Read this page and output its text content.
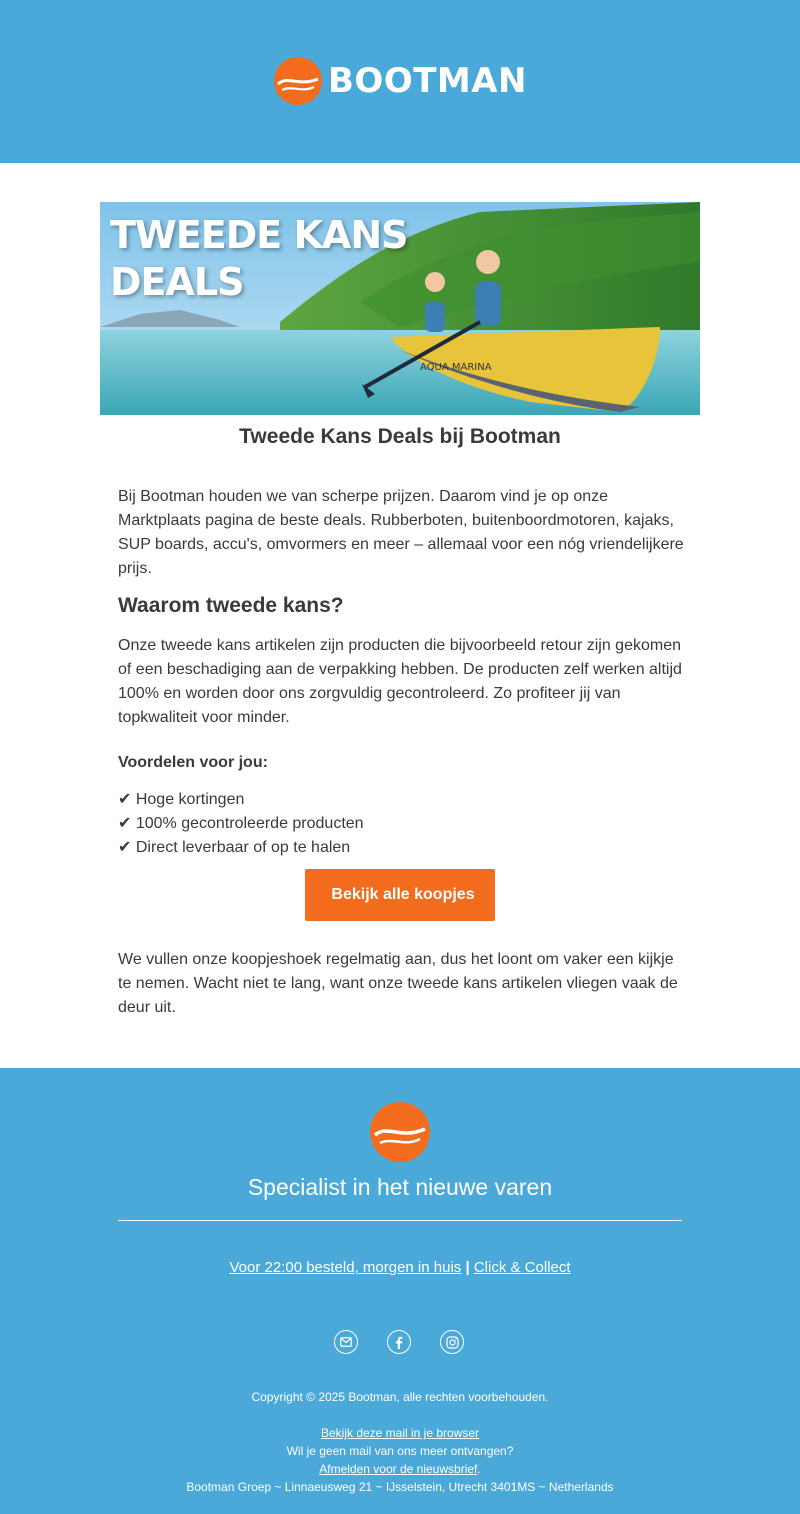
BOOTMAN
AQUA MARINA
TWEEDE KANS
DEALS
Tweede Kans Deals bij Bootman
Bij Bootman houden we van scherpe prijzen. Daarom vind je op onze Marktplaats pagina de beste deals. Rubberboten, buitenboordmotoren, kajaks, SUP boards, accu's, omvormers en meer – allemaal voor een nóg vriendelijkere prijs.
Waarom tweede kans?
Onze tweede kans artikelen zijn producten die bijvoorbeeld retour zijn gekomen of een beschadiging aan de verpakking hebben. De producten zelf werken altijd 100% en worden door ons zorgvuldig gecontroleerd. Zo profiteer jij van topkwaliteit voor minder.
Voordelen voor jou:
✔ Hoge kortingen
✔ 100% gecontroleerde producten
✔ Direct leverbaar of op te halen
Bekijk alle koopjes
We vullen onze koopjeshoek regelmatig aan, dus het loont om vaker een kijkje te nemen. Wacht niet te lang, want onze tweede kans artikelen vliegen vaak de deur uit.
Specialist in het nieuwe varen
Voor 22:00 besteld, morgen in huis | Click & Collect
Copyright © 2025 Bootman, alle rechten voorbehouden.
Bekijk deze mail in je browser
Wil je geen mail van ons meer ontvangen?
Afmelden voor de nieuwsbrief.
Bootman Groep ~ Linnaeusweg 21 ~ IJsselstein, Utrecht 3401MS ~ Netherlands
